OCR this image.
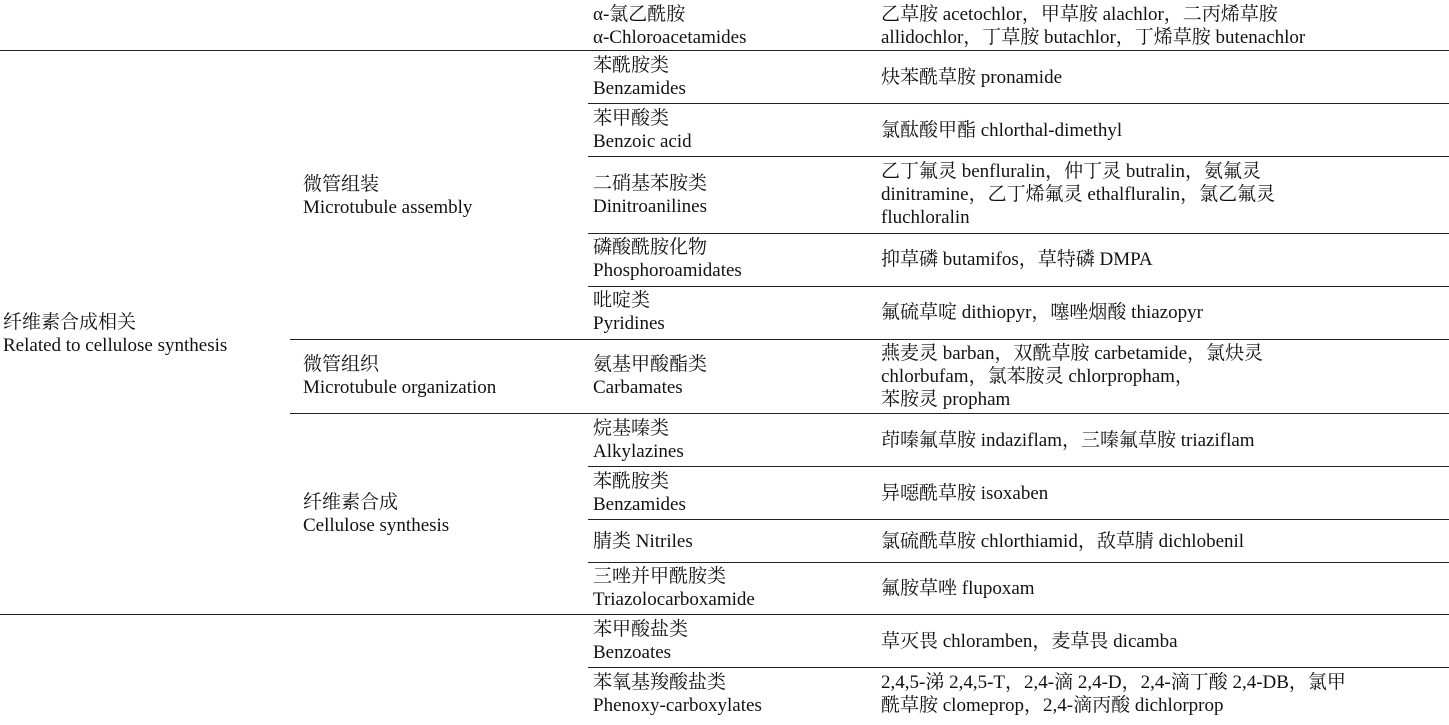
α-氯乙酰胺
α-Chloroacetamides
乙草胺 acetochlor，甲草胺 alachlor，二丙烯草胺
allidochlor，丁草胺 butachlor，丁烯草胺 butenachlor
纤维素合成相关
Related to cellulose synthesis
微管组装
Microtubule assembly
微管组织
Microtubule organization
纤维素合成
Cellulose synthesis
苯酰胺类
Benzamides
炔苯酰草胺 pronamide
苯甲酸类
Benzoic acid
氯酞酸甲酯 chlorthal-dimethyl
二硝基苯胺类
Dinitroanilines
乙丁氟灵 benfluralin，仲丁灵 butralin，氨氟灵
dinitramine，乙丁烯氟灵 ethalfluralin，氯乙氟灵
fluchloralin
磷酸酰胺化物
Phosphoroamidates
抑草磷 butamifos，草特磷 DMPA
吡啶类
Pyridines
氟硫草啶 dithiopyr，噻唑烟酸 thiazopyr
氨基甲酸酯类
Carbamates
燕麦灵 barban，双酰草胺 carbetamide，氯炔灵
chlorbufam，氯苯胺灵 chlorpropham，
苯胺灵 propham
烷基嗪类
Alkylazines
茚嗪氟草胺 indaziflam，三嗪氟草胺 triaziflam
苯酰胺类
Benzamides
异噁酰草胺 isoxaben
腈类 Nitriles	氯硫酰草胺 chlorthiamid，敌草腈 dichlobenil
三唑并甲酰胺类
Triazolocarboxamide
氟胺草唑 flupoxam
苯甲酸盐类
Benzoates
草灭畏 chloramben，麦草畏 dicamba
苯氧基羧酸盐类
Phenoxy-carboxylates
2,4,5-涕 2,4,5-T，2,4-滴 2,4-D，2,4-滴丁酸 2,4-DB，氯甲
酰草胺 clomeprop，2,4-滴丙酸 dichlorprop
